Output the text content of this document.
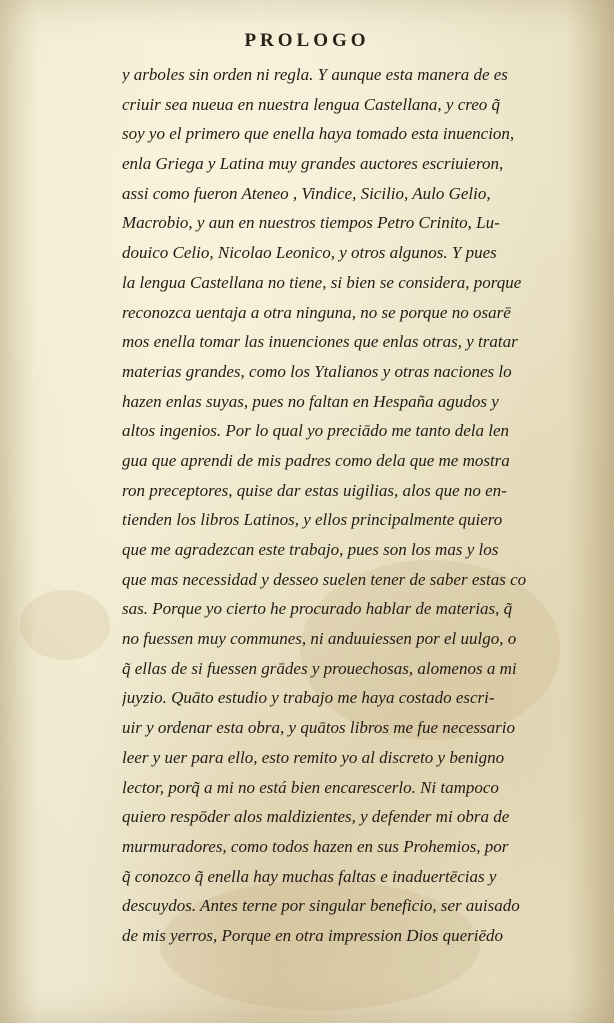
PROLOGO
y arboles sin orden ni regla. Y aunque esta manera de es
criuir sea nueua en nuestra lengua Castellana, y creo q̃
soy yo el primero que enella haya tomado esta inuencion,
enla Griega y Latina muy grandes auctores escriuieron,
assi como fueron Ateneo , Vindice, Sicilio, Aulo Gelio,
Macrobio, y aun en nuestros tiempos Petro Crinito, Lu-
douico Celio, Nicolao Leonico, y otros algunos. Y pues
la lengua Castellana no tiene, si bien se considera, porque
reconozca uentaja a otra ninguna, no se porque no osarē
mos enella tomar las inuenciones que enlas otras, y tratar
materias grandes, como los Ytalianos y otras naciones lo
hazen enlas suyas, pues no faltan en Hespaña agudos y
altos ingenios. Por lo qual yo preciādo me tanto dela len
gua que aprendi de mis padres como dela que me mostra
ron preceptores, quise dar estas uigilias, alos que no en-
tienden los libros Latinos, y ellos principalmente quiero
que me agradezcan este trabajo, pues son los mas y los
que mas necessidad y desseo suelen tener de saber estas co
sas. Porque yo cierto he procurado hablar de materias, q̃
no fuessen muy communes, ni anduuiessen por el uulgo, o
q̃ ellas de si fuessen grādes y prouechosas, alomenos a mi
juyzio. Quāto estudio y trabajo me haya costado escri-
uir y ordenar esta obra, y quātos libros me fue necessario
leer y uer para ello, esto remito yo al discreto y benigno
lector, porq̃ a mi no está bien encarescerlo. Ni tampoco
quiero respōder alos maldizientes, y defender mi obra de
murmuradores, como todos hazen en sus Prohemios, por
q̃ conozco q̃ enella hay muchas faltas e inaduertēcias y
descuydos. Antes terne por singular beneficio, ser auisado
de mis yerros, Porque en otra impression Dios queriēdo
